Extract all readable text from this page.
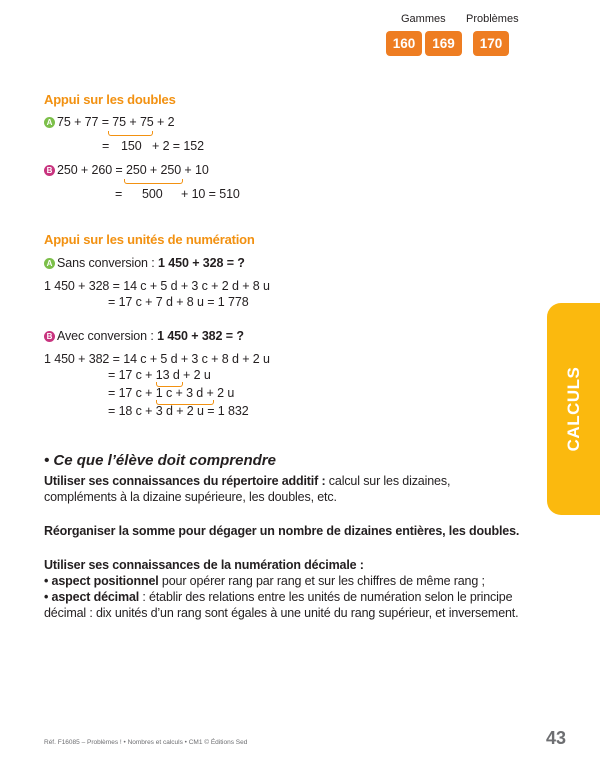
Gammes Problèmes
160	169	170
Appui sur les doubles
A 75 + 77 = 75 + 75 + 2
= 150 + 2 = 152
B 250 + 260 = 250 + 250 + 10
= 500 + 10 = 510
Appui sur les unités de numération
A Sans conversion : 1 450 + 328 = ?
1 450 + 328 = 14 c + 5 d + 3 c + 2 d + 8 u
= 17 c + 7 d + 8 u = 1 778
B Avec conversion : 1 450 + 382 = ?
1 450 + 382 = 14 c + 5 d + 3 c + 8 d + 2 u
= 17 c + 13 d + 2 u
= 17 c + 1 c + 3 d + 2 u
= 18 c + 3 d + 2 u = 1 832	CALCULS
• Ce que l’élève doit comprendre
Utiliser ses connaissances du répertoire additif : calcul sur les dizaines, compléments à la dizaine supérieure, les doubles, etc.
Réorganiser la somme pour dégager un nombre de dizaines entières, les doubles.
Utiliser ses connaissances de la numération décimale :
• aspect positionnel pour opérer rang par rang et sur les chiffres de même rang ;
• aspect décimal : établir des relations entre les unités de numération selon le principe décimal : dix unités d’un rang sont égales à une unité du rang supérieur, et inversement.
Réf. F16085 – Problèmes ! • Nombres et calculs • CM1 © Éditions Sed	43
